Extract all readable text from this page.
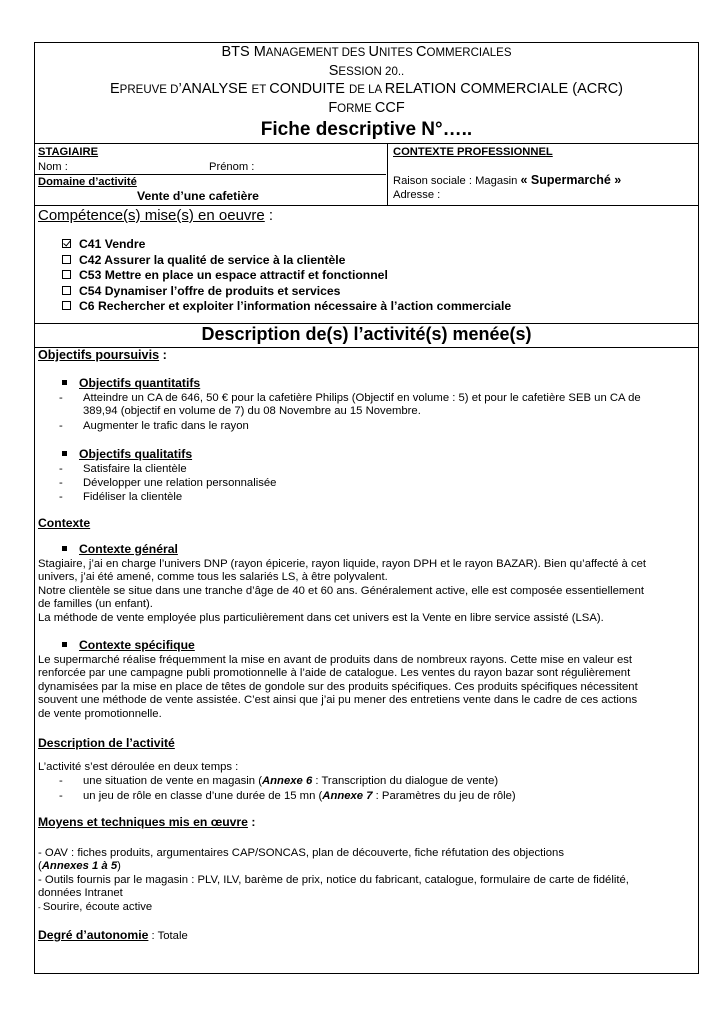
BTS MANAGEMENT DES UNITES COMMERCIALES
SESSION 20..
EPREUVE D’ANALYSE ET CONDUITE DE LA RELATION COMMERCIALE (ACRC)
FORME CCF
Fiche descriptive N°…..
STAGIAIRE
Nom :	Prénom :
Domaine d’activité
Vente d’une cafetière
CONTEXTE PROFESSIONNEL
Raison sociale : Magasin « Supermarché »
Adresse :
Compétence(s) mise(s) en oeuvre :
C41 Vendre
C42 Assurer la qualité de service à la clientèle
C53 Mettre en place un espace attractif et fonctionnel
C54 Dynamiser l’offre de produits et services
C6 Rechercher et exploiter l’information nécessaire à l’action commerciale
Description de(s) l’activité(s) menée(s)
Objectifs poursuivis :
Objectifs quantitatifs
-	Atteindre un CA de 646, 50 € pour la cafetière Philips (Objectif en volume : 5) et pour le cafetière SEB un CA de
389,94 (objectif en volume de 7) du 08 Novembre au 15 Novembre.
-	Augmenter le trafic dans le rayon
Objectifs qualitatifs
-	Satisfaire la clientèle
-	Développer une relation personnalisée
-	Fidéliser la clientèle
Contexte
Contexte général
Stagiaire, j’ai en charge l’univers DNP (rayon épicerie, rayon liquide, rayon DPH et le rayon BAZAR). Bien qu’affecté à cet
univers, j’ai été amené, comme tous les salariés LS, à être polyvalent.
Notre clientèle se situe dans une tranche d’âge de 40 et 60 ans. Généralement active, elle est composée essentiellement
de familles (un enfant).
La méthode de vente employée plus particulièrement dans cet univers est la Vente en libre service assisté (LSA).
Contexte spécifique
Le supermarché réalise fréquemment la mise en avant de produits dans de nombreux rayons. Cette mise en valeur est
renforcée par une campagne publi promotionnelle à l’aide de catalogue. Les ventes du rayon bazar sont régulièrement
dynamisées par la mise en place de têtes de gondole sur des produits spécifiques. Ces produits spécifiques nécessitent
souvent une méthode de vente assistée. C’est ainsi que j’ai pu mener des entretiens vente dans le cadre de ces actions
de vente promotionnelle.
Description de l’activité
L’activité s’est déroulée en deux temps :
-	une situation de vente en magasin (Annexe 6 : Transcription du dialogue de vente)
-	un jeu de rôle en classe d’une durée de 15 mn (Annexe 7 : Paramètres du jeu de rôle)
Moyens et techniques mis en œuvre :
- OAV : fiches produits, argumentaires CAP/SONCAS, plan de découverte, fiche réfutation des objections
(Annexes 1 à 5)
- Outils fournis par le magasin : PLV, ILV, barème de prix, notice du fabricant, catalogue, formulaire de carte de fidélité,
données Intranet
- Sourire, écoute active
Degré d’autonomie : Totale
